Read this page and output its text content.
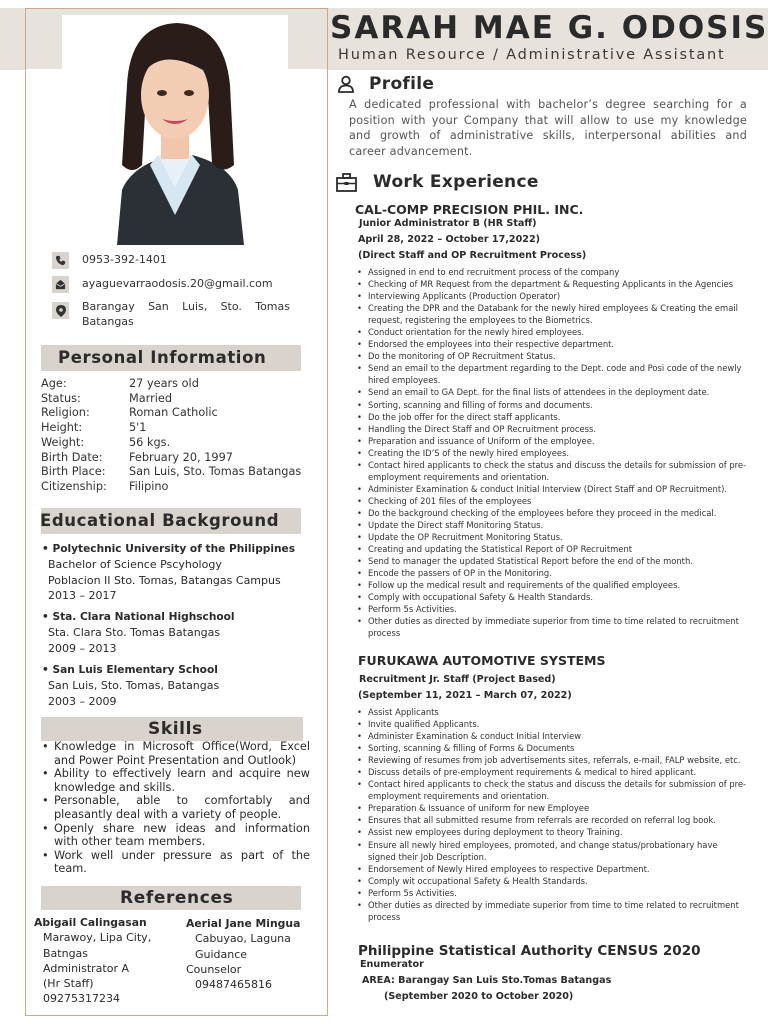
SARAH MAE G. ODOSIS
Human Resource / Administrative Assistant
0953-392-1401
ayaguevarraodosis.20@gmail.com
Barangay San Luis, Sto. Tomas
Batangas
Personal Information
Age:	27 years old
Status:	Married
Religion:	Roman Catholic
Height:	5'1
Weight:	56 kgs.
Birth Date:	February 20, 1997
Birth Place:	San Luis, Sto. Tomas Batangas
Citizenship:	Filipino
Educational Background
• Polytechnic University of the Philippines
Bachelor of Science Pscyhology
Poblacion II Sto. Tomas, Batangas Campus
2013 – 2017
• Sta. Clara National Highschool
Sta. Clara Sto. Tomas Batangas
2009 – 2013
• San Luis Elementary School
San Luis, Sto. Tomas, Batangas
2003 – 2009
Skills
• Knowledge in Microsoft Office(Word, Excel and Power Point Presentation and Outlook)
• Ability to effectively learn and acquire new knowledge and skills.
• Personable, able to comfortably and pleasantly deal with a variety of people.
• Openly share new ideas and information with other team members.
• Work well under pressure as part of the team.
References
Abigail Calingasan
Marawoy, Lipa City,
Batngas
Administrator A
(Hr Staff)
09275317234
Aerial Jane Mingua
Cabuyao, Laguna
Guidance
Counselor
09487465816
Profile
A dedicated professional with bachelor’s degree searching for a position with your Company that will allow to use my knowledge and growth of administrative skills, interpersonal abilities and career advancement.
Work Experience
CAL-COMP PRECISION PHIL. INC.
Junior Administrator B (HR Staff)
April 28, 2022 – October 17,2022)
(Direct Staff and OP Recruitment Process)
• Assigned in end to end recruitment process of the company
• Checking of MR Request from the department & Requesting Applicants in the Agencies
• Interviewing Applicants (Production Operator)
• Creating the DPR and the Databank for the newly hired employees & Creating the email request, registering the employees to the Biometrics.
• Conduct orientation for the newly hired employees.
• Endorsed the employees into their respective department.
• Do the monitoring of OP Recruitment Status.
• Send an email to the department regarding to the Dept. code and Posi code of the newly hired employees.
• Send an email to GA Dept. for the final lists of attendees in the deployment date.
• Sorting, scanning and filling of forms and documents.
• Do the job offer for the direct staff applicants.
• Handling the Direct Staff and OP Recruitment process.
• Preparation and issuance of Uniform of the employee.
• Creating the ID’S of the newly hired employees.
• Contact hired applicants to check the status and discuss the details for submission of pre-employment requirements and orientation.
• Administer Examination & conduct Initial Interview (Direct Staff and OP Recruitment).
• Checking of 201 files of the employees
• Do the background checking of the employees before they proceed in the medical.
• Update the Direct staff Monitoring Status.
• Update the OP Recruitment Monitoring Status.
• Creating and updating the Statistical Report of OP Recruitment
• Send to manager the updated Statistical Report before the end of the month.
• Encode the passers of OP in the Monitoring.
• Follow up the medical result and requirements of the qualified employees.
• Comply with occupational Safety & Health Standards.
• Perform 5s Activities.
• Other duties as directed by immediate superior from time to time related to recruitment process
FURUKAWA AUTOMOTIVE SYSTEMS
Recruitment Jr. Staff (Project Based)
(September 11, 2021 – March 07, 2022)
• Assist Applicants
• Invite qualified Applicants.
• Administer Examination & conduct Initial Interview
• Sorting, scanning & filling of Forms & Documents
• Reviewing of resumes from job advertisements sites, referrals, e-mail, FALP website, etc.
• Discuss details of pre-employment requirements & medical to hired applicant.
• Contact hired applicants to check the status and discuss the details for submission of pre-employment requirements and orientation.
• Preparation & Issuance of uniform for new Employee
• Ensures that all submitted resume from referrals are recorded on referral log book.
• Assist new employees during deployment to theory Training.
• Ensure all newly hired employees, promoted, and change status/probationary have signed their Job Description.
• Endorsement of Newly Hired employees to respective Department.
• Comply wit occupational Safety & Health Standards.
• Perform 5s Activities.
• Other duties as directed by immediate superior from time to time related to recruitment process
Philippine Statistical Authority CENSUS 2020
Enumerator
AREA: Barangay San Luis Sto.Tomas Batangas
(September 2020 to October 2020)
